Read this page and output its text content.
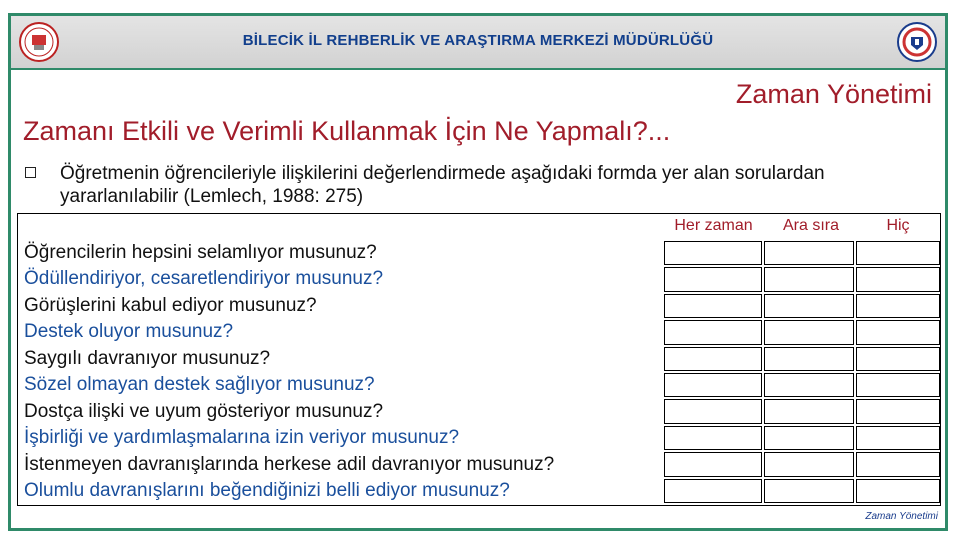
BİLECİK İL REHBERLİK VE ARAŞTIRMA MERKEZİ MÜDÜRLÜĞÜ
Zaman Yönetimi
Zamanı Etkili ve Verimli Kullanmak İçin Ne Yapmalı?...
Öğretmenin öğrencileriyle ilişkilerini değerlendirmede aşağıdaki formda yer alan sorulardan yararlanılabilir (Lemlech, 1988: 275)
Her zaman	Ara sıra	Hiç
Öğrencilerin hepsini selamlıyor musunuz?
Ödüllendiriyor, cesaretlendiriyor musunuz?
Görüşlerini kabul ediyor musunuz?
Destek oluyor musunuz?
Saygılı davranıyor musunuz?
Sözel olmayan destek sağlıyor musunuz?
Dostça ilişki ve uyum gösteriyor musunuz?
İşbirliği ve yardımlaşmalarına izin veriyor musunuz?
İstenmeyen davranışlarında herkese adil davranıyor musunuz?
Olumlu davranışlarını beğendiğinizi belli ediyor musunuz?
Zaman Yönetimi
